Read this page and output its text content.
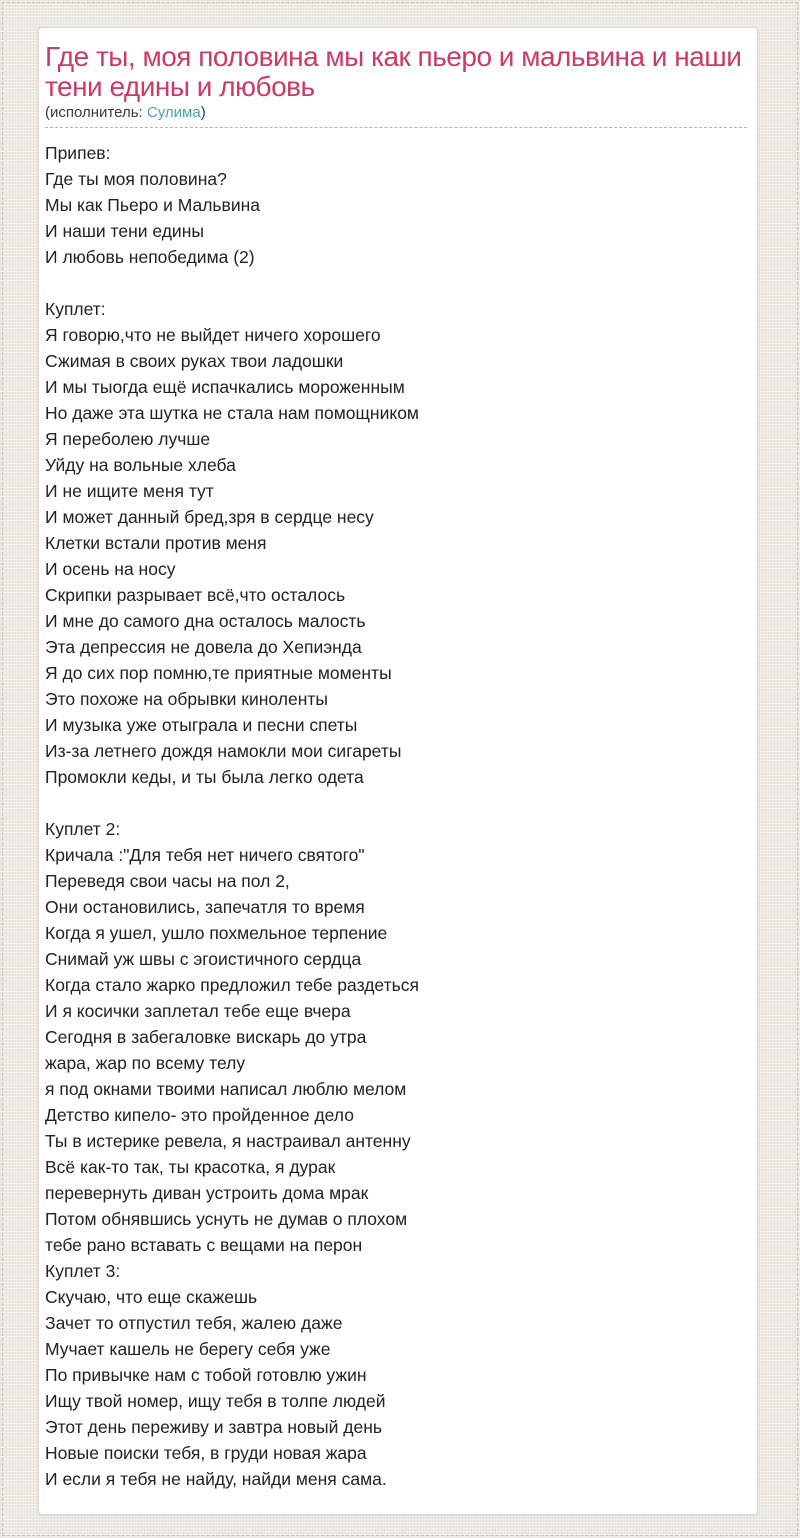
Где ты, моя половина мы как пьеро и мальвина и наши тени едины и любовь
(исполнитель: Сулима)
Припев:
Где ты моя половина?
Мы как Пьеро и Мальвина
И наши тени едины
И любовь непобедима (2)

Куплет:
Я говорю,что не выйдет ничего хорошего
Сжимая в своих руках твои ладошки
И мы тыогда ещё испачкались мороженным
Но даже эта шутка не стала нам помощником
Я переболею лучше
Уйду на вольные хлеба
И не ищите меня тут
И может данный бред,зря в сердце несу
Клетки встали против меня
И осень на носу
Скрипки разрывает всё,что осталось
И мне до самого дна осталось малость
Эта депрессия не довела до Хепиэнда
Я до сих пор помню,те приятные моменты
Это похоже на обрывки киноленты
И музыка уже отыграла и песни спеты
Из-за летнего дождя намокли мои сигареты
Промокли кеды, и ты была легко одета

Куплет 2:
Кричала :"Для тебя нет ничего святого"
Переведя свои часы на пол 2,
Они остановились, запечатля то время
Когда я ушел, ушло похмельное терпение
Снимай уж швы с эгоистичного сердца
Когда стало жарко предложил тебе раздеться
И я косички заплетал тебе еще вчера
Сегодня в забегаловке вискарь до утра
жара, жар по всему телу
я под окнами твоими написал люблю мелом
Детство кипело- это пройденное дело
Ты в истерике ревела, я настраивал антенну
Всё как-то так, ты красотка, я дурак
перевернуть диван устроить дома мрак
Потом обнявшись уснуть не думав о плохом
тебе рано вставать с вещами на перон
Куплет 3:
Скучаю, что еще скажешь
Зачет то отпустил тебя, жалею даже
Мучает кашель не берегу себя уже
По привычке нам с тобой готовлю ужин
Ищу твой номер, ищу тебя в толпе людей
Этот день переживу и завтра новый день
Новые поиски тебя, в груди новая жара
И если я тебя не найду, найди меня сама.
